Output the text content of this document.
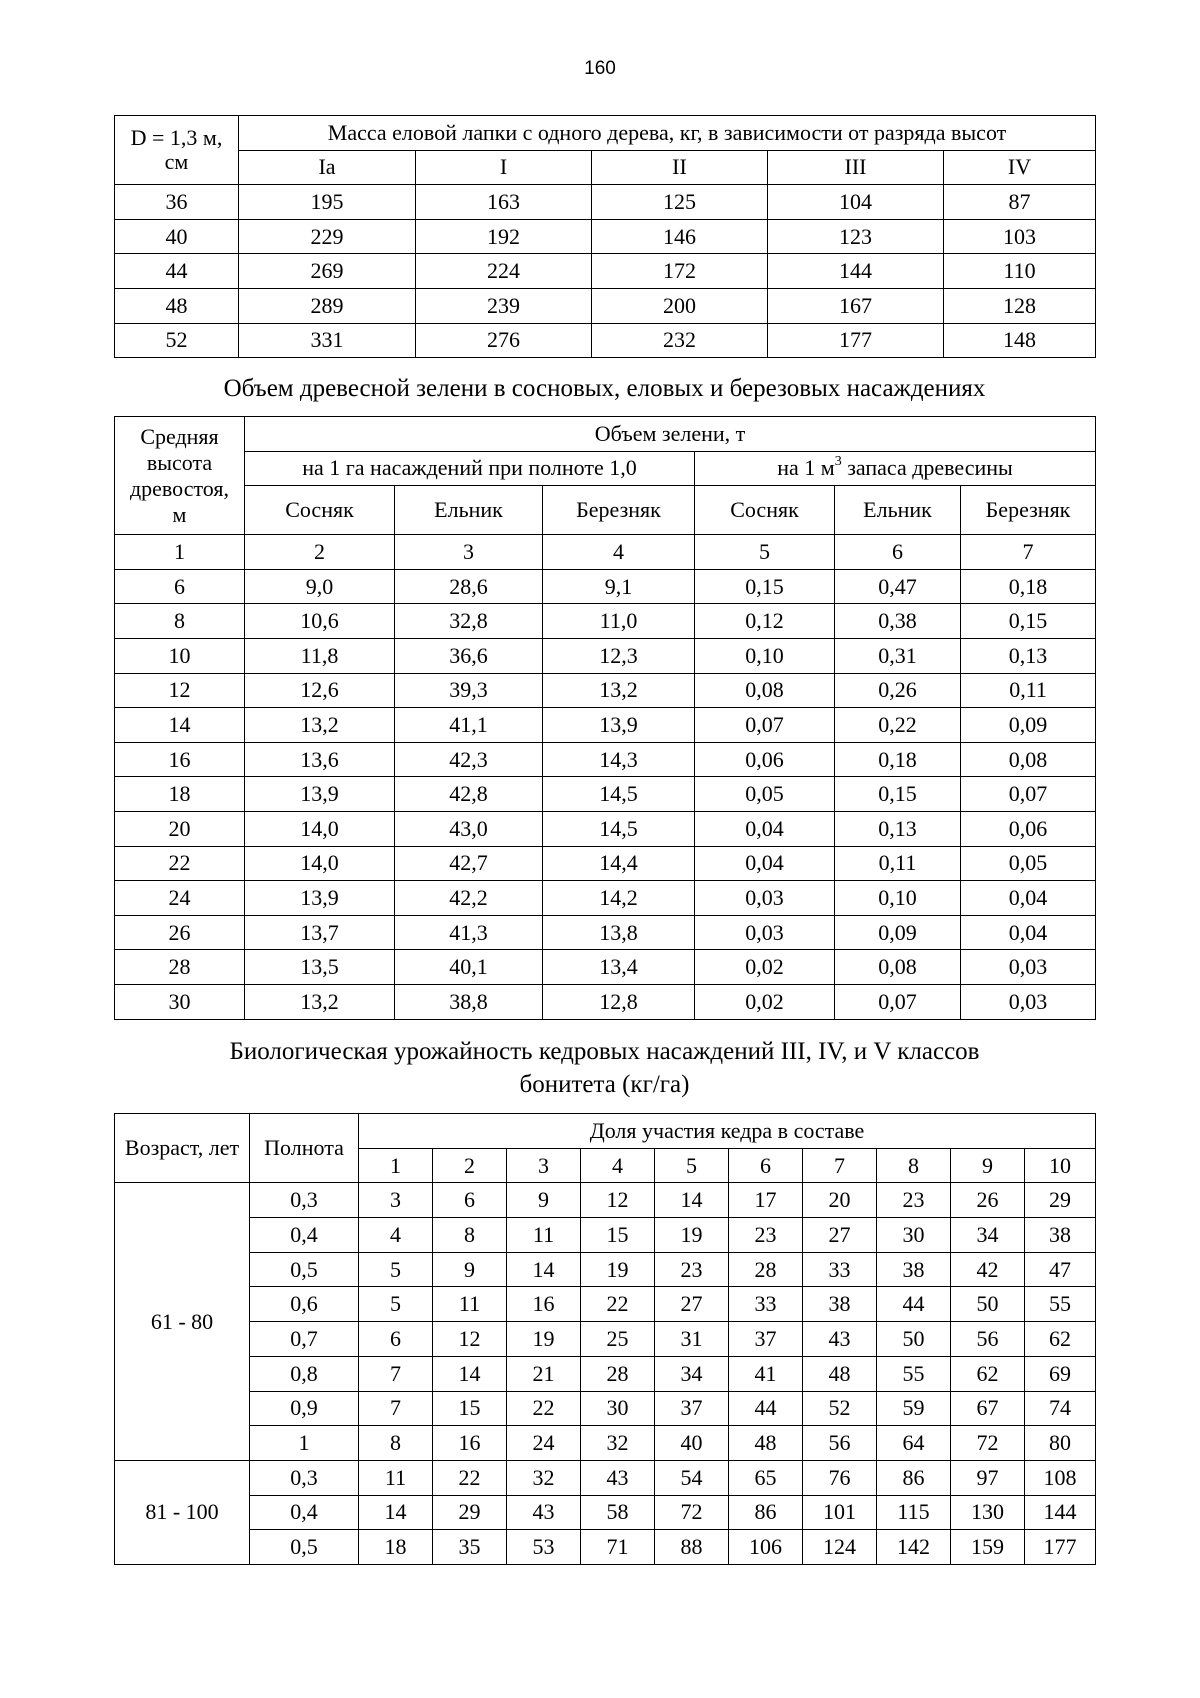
160
D = 1,3 м,
см	Масса еловой лапки с одного дерева, кг, в зависимости от разряда высот				
	Ia	I	II	III	IV
36	195	163	125	104	87
40	229	192	146	123	103
44	269	224	172	144	110
48	289	239	200	167	128
52	331	276	232	177	148
Объем древесной зелени в сосновых, еловых и березовых насаждениях
Средняя
высота
древостоя,
м	Объем зелени, т					
	на 1 га насаждений при полноте 1,0			на 1 $м^3$ запаса древесины		
	Сосняк	Ельник	Березняк	Сосняк	Ельник	Березняк
1	2	3	4	5	6	7
6	9,0	28,6	9,1	0,15	0,47	0,18
8	10,6	32,8	11,0	0,12	0,38	0,15
10	11,8	36,6	12,3	0,10	0,31	0,13
12	12,6	39,3	13,2	0,08	0,26	0,11
14	13,2	41,1	13,9	0,07	0,22	0,09
16	13,6	42,3	14,3	0,06	0,18	0,08
18	13,9	42,8	14,5	0,05	0,15	0,07
20	14,0	43,0	14,5	0,04	0,13	0,06
22	14,0	42,7	14,4	0,04	0,11	0,05
24	13,9	42,2	14,2	0,03	0,10	0,04
26	13,7	41,3	13,8	0,03	0,09	0,04
28	13,5	40,1	13,4	0,02	0,08	0,03
30	13,2	38,8	12,8	0,02	0,07	0,03
Биологическая урожайность кедровых насаждений III, IV, и V классов
бонитета (кг/га)
Возраст, лет	Полнота	Доля участия кедра в составе									
		1	2	3	4	5	6	7	8	9	10
61 - 80	0,3	3	6	9	12	14	17	20	23	26	29
	0,4	4	8	11	15	19	23	27	30	34	38
	0,5	5	9	14	19	23	28	33	38	42	47
	0,6	5	11	16	22	27	33	38	44	50	55
	0,7	6	12	19	25	31	37	43	50	56	62
	0,8	7	14	21	28	34	41	48	55	62	69
	0,9	7	15	22	30	37	44	52	59	67	74
	1	8	16	24	32	40	48	56	64	72	80
81 - 100	0,3	11	22	32	43	54	65	76	86	97	108
	0,4	14	29	43	58	72	86	101	115	130	144
	0,5	18	35	53	71	88	106	124	142	159	177
